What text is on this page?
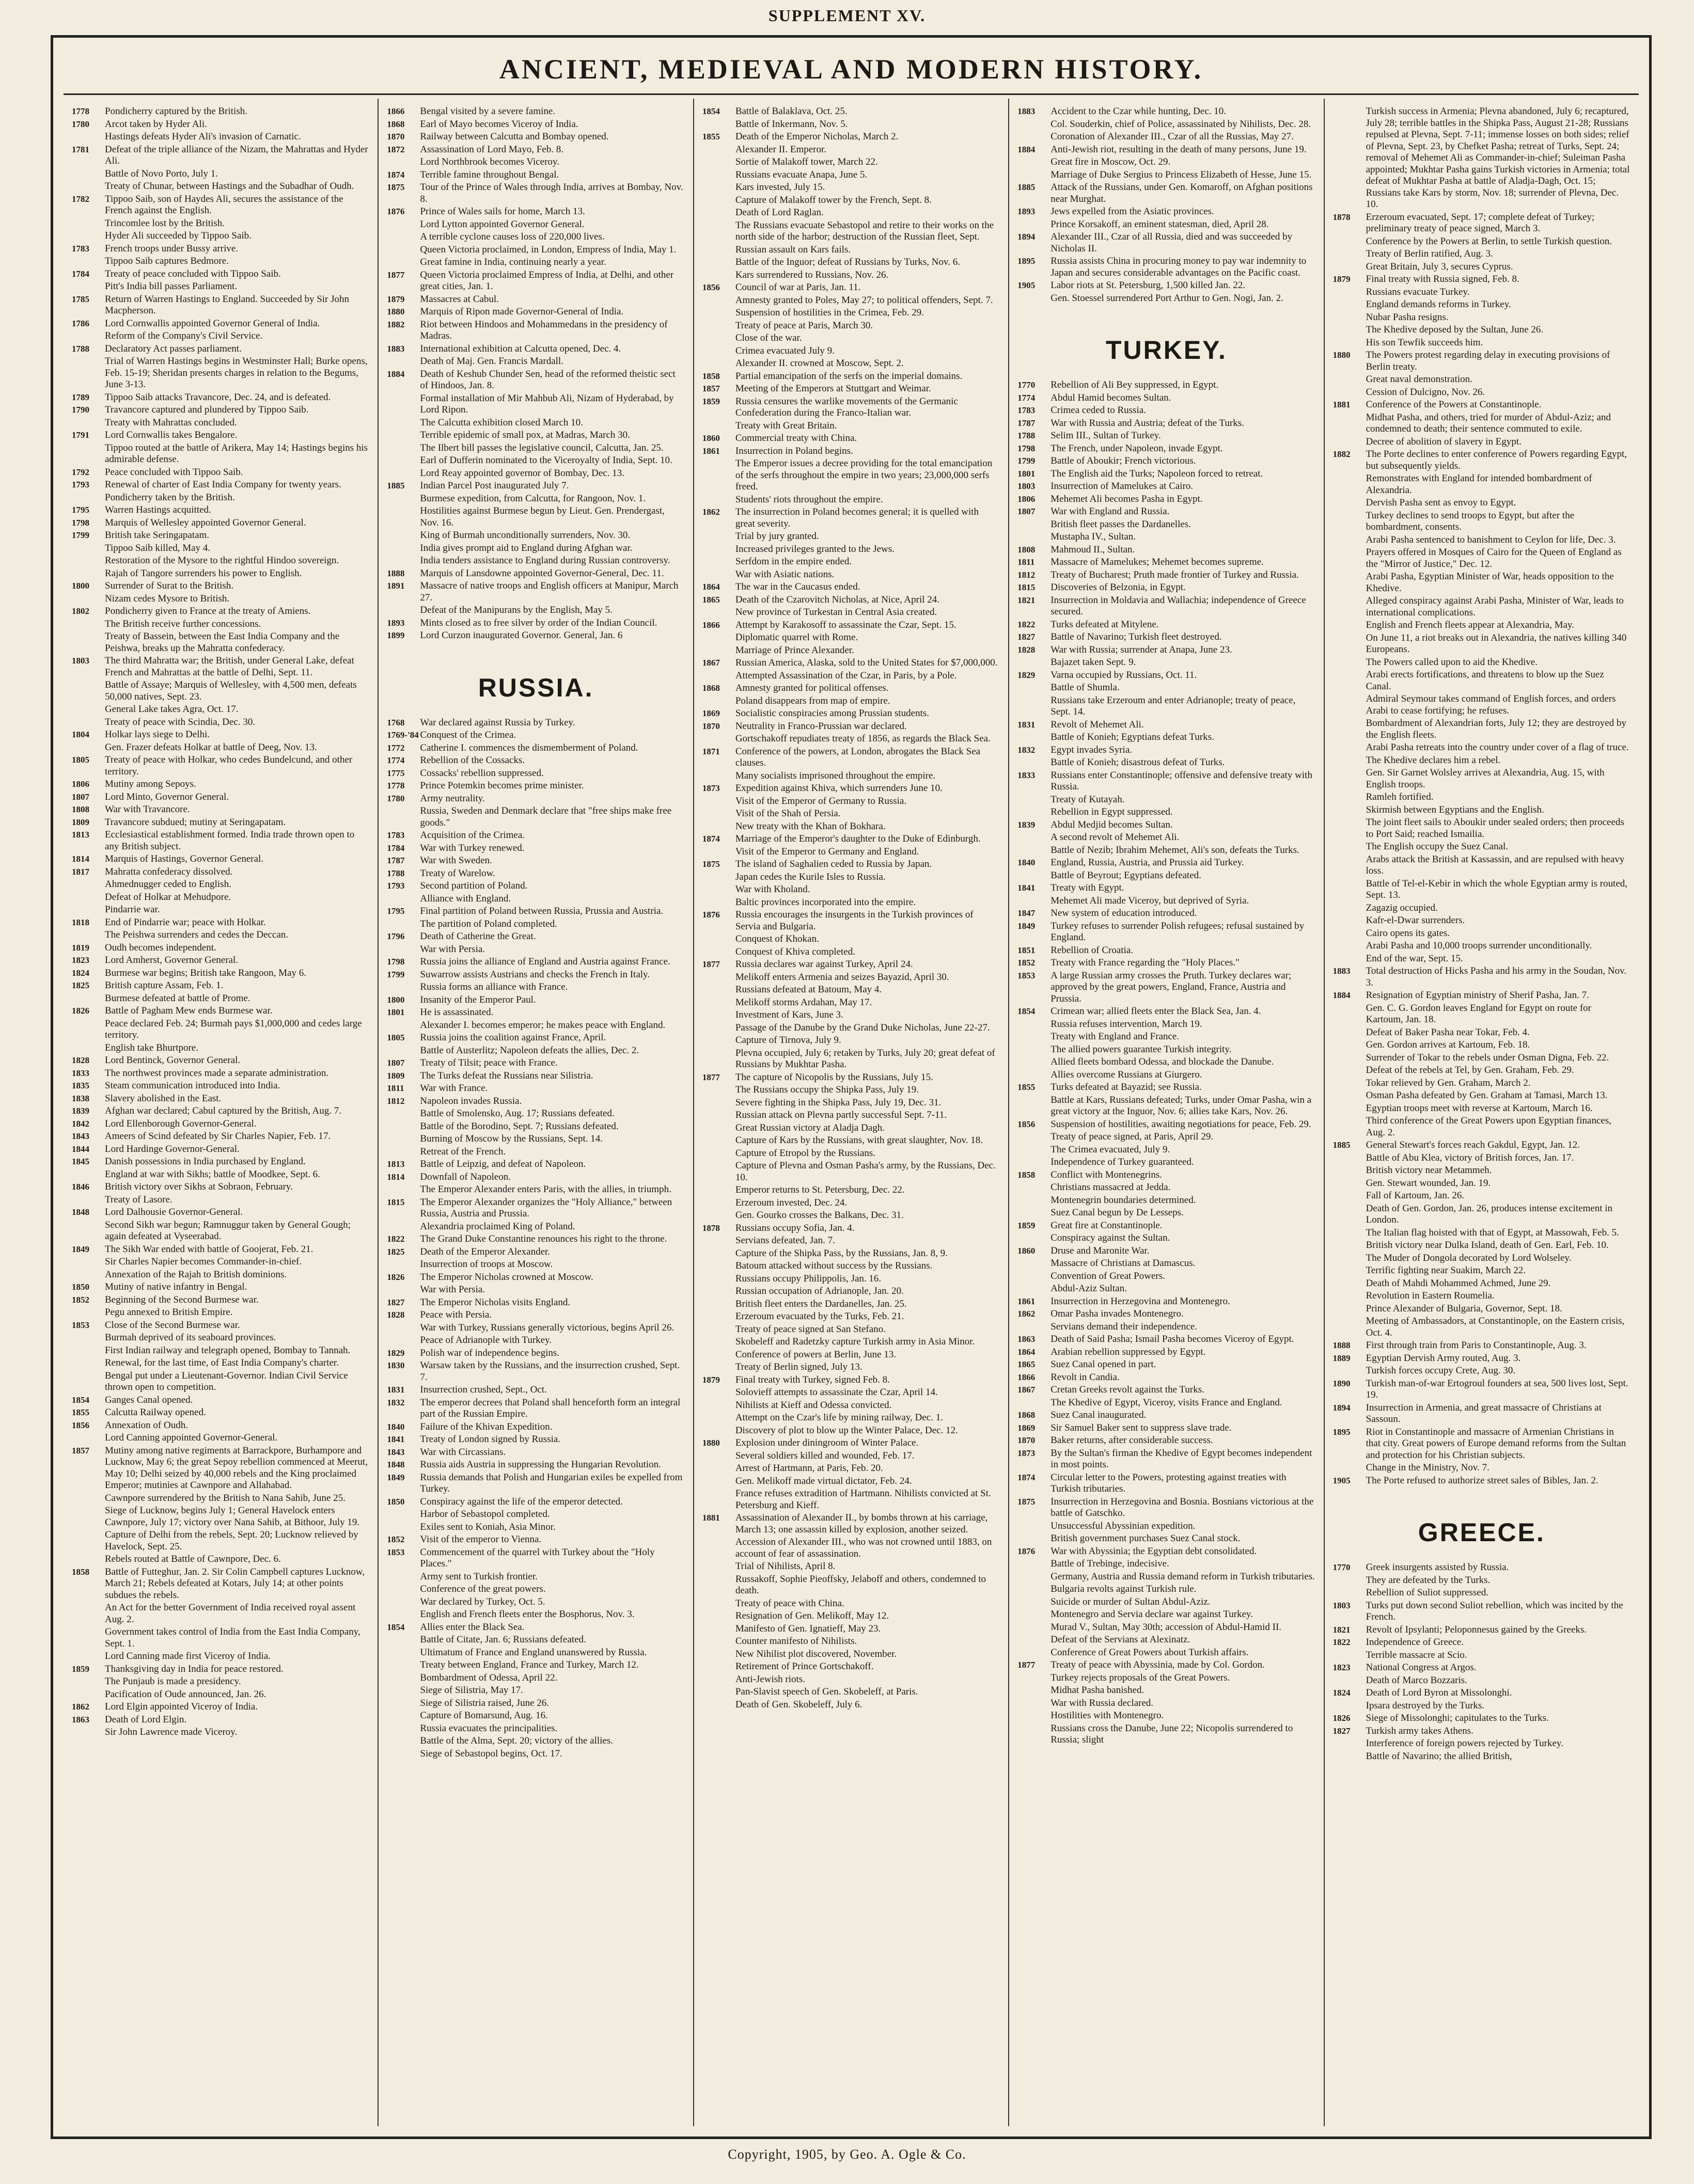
SUPPLEMENT XV.
ANCIENT, MEDIEVAL AND MODERN HISTORY.
1778	Pondicherry captured by the British.
1780	Arcot taken by Hyder Ali.
Hastings defeats Hyder Ali's invasion of Carnatic.
1781	Defeat of the triple alliance of the Nizam, the Mahrattas and Hyder Ali.
Battle of Novo Porto, July 1.
Treaty of Chunar, between Hastings and the Subadhar of Oudh.
1782	Tippoo Saib, son of Haydes Ali, secures the assistance of the French against the English.
Trincomlee lost by the British.
Hyder Ali succeeded by Tippoo Saib.
1783	French troops under Bussy arrive.
Tippoo Saib captures Bedmore.
1784	Treaty of peace concluded with Tippoo Saib.
Pitt's India bill passes Parliament.
1785	Return of Warren Hastings to England. Succeeded by Sir John Macpherson.
1786	Lord Cornwallis appointed Governor General of India.
Reform of the Company's Civil Service.
1788	Declaratory Act passes parliament.
Trial of Warren Hastings begins in Westminster Hall; Burke opens, Feb. 15-19; Sheridan presents charges in relation to the Begums, June 3-13.
1789	Tippoo Saib attacks Travancore, Dec. 24, and is defeated.
1790	Travancore captured and plundered by Tippoo Saib.
Treaty with Mahrattas concluded.
1791	Lord Cornwallis takes Bengalore.
Tippoo routed at the battle of Arikera, May 14; Hastings begins his admirable defense.
1792	Peace concluded with Tippoo Saib.
1793	Renewal of charter of East India Company for twenty years.
Pondicherry taken by the British.
1795	Warren Hastings acquitted.
1798	Marquis of Wellesley appointed Governor General.
1799	British take Seringapatam.
Tippoo Saib killed, May 4.
Restoration of the Mysore to the rightful Hindoo sovereign.
Rajah of Tangore surrenders his power to English.
1800	Surrender of Surat to the British.
Nizam cedes Mysore to British.
1802	Pondicherry given to France at the treaty of Amiens.
The British receive further concessions.
Treaty of Bassein, between the East India Company and the Peishwa, breaks up the Mahratta confederacy.
1803	The third Mahratta war; the British, under General Lake, defeat French and Mahrattas at the battle of Delhi, Sept. 11.
Battle of Assaye; Marquis of Wellesley, with 4,500 men, defeats 50,000 natives, Sept. 23.
General Lake takes Agra, Oct. 17.
Treaty of peace with Scindia, Dec. 30.
1804	Holkar lays siege to Delhi.
Gen. Frazer defeats Holkar at battle of Deeg, Nov. 13.
1805	Treaty of peace with Holkar, who cedes Bundelcund, and other territory.
1806	Mutiny among Sepoys.
1807	Lord Minto, Governor General.
1808	War with Travancore.
1809	Travancore subdued; mutiny at Seringapatam.
1813	Ecclesiastical establishment formed. India trade thrown open to any British subject.
1814	Marquis of Hastings, Governor General.
1817	Mahratta confederacy dissolved.
Ahmednugger ceded to English.
Defeat of Holkar at Mehudpore.
Pindarrie war.
1818	End of Pindarrie war; peace with Holkar.
The Peishwa surrenders and cedes the Deccan.
1819	Oudh becomes independent.
1823	Lord Amherst, Governor General.
1824	Burmese war begins; British take Rangoon, May 6.
1825	British capture Assam, Feb. 1.
Burmese defeated at battle of Prome.
1826	Battle of Pagham Mew ends Burmese war.
Peace declared Feb. 24; Burmah pays $1,000,000 and cedes large territory.
English take Bhurtpore.
1828	Lord Bentinck, Governor General.
1833	The northwest provinces made a separate administration.
1835	Steam communication introduced into India.
1838	Slavery abolished in the East.
1839	Afghan war declared; Cabul captured by the British, Aug. 7.
1842	Lord Ellenborough Governor-General.
1843	Ameers of Scind defeated by Sir Charles Napier, Feb. 17.
1844	Lord Hardinge Governor-General.
1845	Danish possessions in India purchased by England.
England at war with Sikhs; battle of Moodkee, Sept. 6.
1846	British victory over Sikhs at Sobraon, February.
Treaty of Lasore.
1848	Lord Dalhousie Governor-General.
Second Sikh war begun; Ramnuggur taken by General Gough; again defeated at Vyseerabad.
1849	The Sikh War ended with battle of Goojerat, Feb. 21.
Sir Charles Napier becomes Commander-in-chief.
Annexation of the Rajah to British dominions.
1850	Mutiny of native infantry in Bengal.
1852	Beginning of the Second Burmese war.
Pegu annexed to British Empire.
1853	Close of the Second Burmese war.
Burmah deprived of its seaboard provinces.
First Indian railway and telegraph opened, Bombay to Tannah.
Renewal, for the last time, of East India Company's charter.
Bengal put under a Lieutenant-Governor. Indian Civil Service thrown open to competition.
1854	Ganges Canal opened.
1855	Calcutta Railway opened.
1856	Annexation of Oudh.
Lord Canning appointed Governor-General.
1857	Mutiny among native regiments at Barrackpore, Burhampore and Lucknow, May 6; the great Sepoy rebellion commenced at Meerut, May 10; Delhi seized by 40,000 rebels and the King proclaimed Emperor; mutinies at Cawnpore and Allahabad.
Cawnpore surrendered by the British to Nana Sahib, June 25.
Siege of Lucknow, begins July 1; General Havelock enters Cawnpore, July 17; victory over Nana Sahib, at Bithoor, July 19.
Capture of Delhi from the rebels, Sept. 20; Lucknow relieved by Havelock, Sept. 25.
Rebels routed at Battle of Cawnpore, Dec. 6.
1858	Battle of Futteghur, Jan. 2. Sir Colin Campbell captures Lucknow, March 21; Rebels defeated at Kotars, July 14; at other points subdues the rebels.
An Act for the better Government of India received royal assent Aug. 2.
Government takes control of India from the East India Company, Sept. 1.
Lord Canning made first Viceroy of India.
1859	Thanksgiving day in India for peace restored.
The Punjaub is made a presidency.
Pacification of Oude announced, Jan. 26.
1862	Lord Elgin appointed Viceroy of India.
1863	Death of Lord Elgin.
Sir John Lawrence made Viceroy.
1866	Bengal visited by a severe famine.
1868	Earl of Mayo becomes Viceroy of India.
1870	Railway between Calcutta and Bombay opened.
1872	Assassination of Lord Mayo, Feb. 8.
Lord Northbrook becomes Viceroy.
1874	Terrible famine throughout Bengal.
1875	Tour of the Prince of Wales through India, arrives at Bombay, Nov. 8.
1876	Prince of Wales sails for home, March 13.
Lord Lytton appointed Governor General.
A terrible cyclone causes loss of 220,000 lives.
Queen Victoria proclaimed, in London, Empress of India, May 1.
Great famine in India, continuing nearly a year.
1877	Queen Victoria proclaimed Empress of India, at Delhi, and other great cities, Jan. 1.
1879	Massacres at Cabul.
1880	Marquis of Ripon made Governor-General of India.
1882	Riot between Hindoos and Mohammedans in the presidency of Madras.
1883	International exhibition at Calcutta opened, Dec. 4.
Death of Maj. Gen. Francis Mardall.
1884	Death of Keshub Chunder Sen, head of the reformed theistic sect of Hindoos, Jan. 8.
Formal installation of Mir Mahbub Ali, Nizam of Hyderabad, by Lord Ripon.
The Calcutta exhibition closed March 10.
Terrible epidemic of small pox, at Madras, March 30.
The Ilbert bill passes the legislative council, Calcutta, Jan. 25.
Earl of Dufferin nominated to the Viceroyalty of India, Sept. 10.
Lord Reay appointed governor of Bombay, Dec. 13.
1885	Indian Parcel Post inaugurated July 7.
Burmese expedition, from Calcutta, for Rangoon, Nov. 1.
Hostilities against Burmese begun by Lieut. Gen. Prendergast, Nov. 16.
King of Burmah unconditionally surrenders, Nov. 30.
India gives prompt aid to England during Afghan war.
India tenders assistance to England during Russian controversy.
1888	Marquis of Lansdowne appointed Governor-General, Dec. 11.
1891	Massacre of native troops and English officers at Manipur, March 27.
Defeat of the Manipurans by the English, May 5.
1893	Mints closed as to free silver by order of the Indian Council.
1899	Lord Curzon inaugurated Governor. General, Jan. 6
RUSSIA.
1768	War declared against Russia by Turkey.
1769-'84 Conquest of the Crimea.
1772	Catherine I. commences the dismemberment of Poland.
1774	Rebellion of the Cossacks.
1775	Cossacks' rebellion suppressed.
1778	Prince Potemkin becomes prime minister.
1780	Army neutrality.
Russia, Sweden and Denmark declare that "free ships make free goods."
1783	Acquisition of the Crimea.
1784	War with Turkey renewed.
1787	War with Sweden.
1788	Treaty of Warelow.
1793	Second partition of Poland.
Alliance with England.
1795	Final partition of Poland between Russia, Prussia and Austria.
The partition of Poland completed.
1796	Death of Catherine the Great.
War with Persia.
1798	Russia joins the alliance of England and Austria against France.
1799	Suwarrow assists Austrians and checks the French in Italy.
Russia forms an alliance with France.
1800	Insanity of the Emperor Paul.
1801	He is assassinated.
Alexander I. becomes emperor; he makes peace with England.
1805	Russia joins the coalition against France, April.
Battle of Austerlitz; Napoleon defeats the allies, Dec. 2.
1807	Treaty of Tilsit; peace with France.
1809	The Turks defeat the Russians near Silistria.
1811	War with France.
1812	Napoleon invades Russia.
Battle of Smolensko, Aug. 17; Russians defeated.
Battle of the Borodino, Sept. 7; Russians defeated.
Burning of Moscow by the Russians, Sept. 14.
Retreat of the French.
1813	Battle of Leipzig, and defeat of Napoleon.
1814	Downfall of Napoleon.
The Emperor Alexander enters Paris, with the allies, in triumph.
1815	The Emperor Alexander organizes the "Holy Alliance," between Russia, Austria and Prussia.
Alexandria proclaimed King of Poland.
1822	The Grand Duke Constantine renounces his right to the throne.
1825	Death of the Emperor Alexander.
Insurrection of troops at Moscow.
1826	The Emperor Nicholas crowned at Moscow.
War with Persia.
1827	The Emperor Nicholas visits England.
1828	Peace with Persia.
War with Turkey, Russians generally victorious, begins April 26.
Peace of Adrianople with Turkey.
1829	Polish war of independence begins.
1830	Warsaw taken by the Russians, and the insurrection crushed, Sept. 7.
1831	Insurrection crushed, Sept., Oct.
1832	The emperor decrees that Poland shall henceforth form an integral part of the Russian Empire.
1840	Failure of the Khivan Expedition.
1841	Treaty of London signed by Russia.
1843	War with Circassians.
1848	Russia aids Austria in suppressing the Hungarian Revolution.
1849	Russia demands that Polish and Hungarian exiles be expelled from Turkey.
1850	Conspiracy against the life of the emperor detected.
Harbor of Sebastopol completed.
Exiles sent to Koniah, Asia Minor.
1852	Visit of the emperor to Vienna.
1853	Commencement of the quarrel with Turkey about the "Holy Places."
Army sent to Turkish frontier.
Conference of the great powers.
War declared by Turkey, Oct. 5.
English and French fleets enter the Bosphorus, Nov. 3.
1854	Allies enter the Black Sea.
Battle of Citate, Jan. 6; Russians defeated.
Ultimatum of France and England unanswered by Russia.
Treaty between England, France and Turkey, March 12.
Bombardment of Odessa, April 22.
Siege of Silistria, May 17.
Siege of Silistria raised, June 26.
Capture of Bomarsund, Aug. 16.
Russia evacuates the principalities.
Battle of the Alma, Sept. 20; victory of the allies.
Siege of Sebastopol begins, Oct. 17.
1854	Battle of Balaklava, Oct. 25.
Battle of Inkermann, Nov. 5.
1855	Death of the Emperor Nicholas, March 2.
Alexander II. Emperor.
Sortie of Malakoff tower, March 22.
Russians evacuate Anapa, June 5.
Kars invested, July 15.
Capture of Malakoff tower by the French, Sept. 8.
Death of Lord Raglan.
The Russians evacuate Sebastopol and retire to their works on the north side of the harbor; destruction of the Russian fleet, Sept.
Russian assault on Kars fails.
Battle of the Inguor; defeat of Russians by Turks, Nov. 6.
Kars surrendered to Russians, Nov. 26.
1856	Council of war at Paris, Jan. 11.
Amnesty granted to Poles, May 27; to political offenders, Sept. 7.
Suspension of hostilities in the Crimea, Feb. 29.
Treaty of peace at Paris, March 30.
Close of the war.
Crimea evacuated July 9.
Alexander II. crowned at Moscow, Sept. 2.
1858	Partial emancipation of the serfs on the imperial domains.
1857	Meeting of the Emperors at Stuttgart and Weimar.
1859	Russia censures the warlike movements of the Germanic Confederation during the Franco-Italian war.
Treaty with Great Britain.
1860	Commercial treaty with China.
1861	Insurrection in Poland begins.
The Emperor issues a decree providing for the total emancipation of the serfs throughout the empire in two years; 23,000,000 serfs freed.
Students' riots throughout the empire.
1862	The insurrection in Poland becomes general; it is quelled with great severity.
Trial by jury granted.
Increased privileges granted to the Jews.
Serfdom in the empire ended.
War with Asiatic nations.
1864	The war in the Caucasus ended.
1865	Death of the Czarovitch Nicholas, at Nice, April 24.
New province of Turkestan in Central Asia created.
1866	Attempt by Karakosoff to assassinate the Czar, Sept. 15.
Diplomatic quarrel with Rome.
Marriage of Prince Alexander.
1867	Russian America, Alaska, sold to the United States for $7,000,000.
Attempted Assassination of the Czar, in Paris, by a Pole.
1868	Amnesty granted for political offenses.
Poland disappears from map of empire.
1869	Socialistic conspiracies among Prussian students.
1870	Neutrality in Franco-Prussian war declared.
Gortschakoff repudiates treaty of 1856, as regards the Black Sea.
1871	Conference of the powers, at London, abrogates the Black Sea clauses.
Many socialists imprisoned throughout the empire.
1873	Expedition against Khiva, which surrenders June 10.
Visit of the Emperor of Germany to Russia.
Visit of the Shah of Persia.
New treaty with the Khan of Bokhara.
1874	Marriage of the Emperor's daughter to the Duke of Edinburgh.
Visit of the Emperor to Germany and England.
1875	The island of Saghalien ceded to Russia by Japan.
Japan cedes the Kurile Isles to Russia.
War with Kholand.
Baltic provinces incorporated into the empire.
1876	Russia encourages the insurgents in the Turkish provinces of Servia and Bulgaria.
Conquest of Khokan.
Conquest of Khiva completed.
1877	Russia declares war against Turkey, April 24.
Melikoff enters Armenia and seizes Bayazid, April 30.
Russians defeated at Batoum, May 4.
Melikoff storms Ardahan, May 17.
Investment of Kars, June 3.
Passage of the Danube by the Grand Duke Nicholas, June 22-27.
Capture of Tirnova, July 9.
Plevna occupied, July 6; retaken by Turks, July 20; great defeat of Russians by Mukhtar Pasha.
1877	The capture of Nicopolis by the Russians, July 15.
The Russians occupy the Shipka Pass, July 19.
Severe fighting in the Shipka Pass, July 19, Dec. 31.
Russian attack on Plevna partly successful Sept. 7-11.
Great Russian victory at Aladja Dagh.
Capture of Kars by the Russians, with great slaughter, Nov. 18.
Capture of Etropol by the Russians.
Capture of Plevna and Osman Pasha's army, by the Russians, Dec. 10.
Emperor returns to St. Petersburg, Dec. 22.
Erzeroum invested, Dec. 24.
Gen. Gourko crosses the Balkans, Dec. 31.
1878	Russians occupy Sofia, Jan. 4.
Servians defeated, Jan. 7.
Capture of the Shipka Pass, by the Russians, Jan. 8, 9.
Batoum attacked without success by the Russians.
Russians occupy Philippolis, Jan. 16.
Russian occupation of Adrianople, Jan. 20.
British fleet enters the Dardanelles, Jan. 25.
Erzeroum evacuated by the Turks, Feb. 21.
Treaty of peace signed at San Stefano.
Skobeleff and Radetzky capture Turkish army in Asia Minor.
Conference of powers at Berlin, June 13.
Treaty of Berlin signed, July 13.
1879	Final treaty with Turkey, signed Feb. 8.
Solovieff attempts to assassinate the Czar, April 14.
Nihilists at Kieff and Odessa convicted.
Attempt on the Czar's life by mining railway, Dec. 1.
Discovery of plot to blow up the Winter Palace, Dec. 12.
1880	Explosion under diningroom of Winter Palace.
Several soldiers killed and wounded, Feb. 17.
Arrest of Hartmann, at Paris, Feb. 20.
Gen. Melikoff made virtual dictator, Feb. 24.
France refuses extradition of Hartmann. Nihilists convicted at St. Petersburg and Kieff.
1881	Assassination of Alexander II., by bombs thrown at his carriage, March 13; one assassin killed by explosion, another seized.
Accession of Alexander III., who was not crowned until 1883, on account of fear of assassination.
Trial of Nihilists, April 8.
Russakoff, Sophie Pieoffsky, Jelaboff and others, condemned to death.
Treaty of peace with China.
Resignation of Gen. Melikoff, May 12.
Manifesto of Gen. Ignatieff, May 23.
Counter manifesto of Nihilists.
New Nihilist plot discovered, November.
Retirement of Prince Gortschakoff.
Anti-Jewish riots.
Pan-Slavist speech of Gen. Skobeleff, at Paris.
Death of Gen. Skobeleff, July 6.
1883	Accident to the Czar while hunting, Dec. 10.
Col. Souderkin, chief of Police, assassinated by Nihilists, Dec. 28.
Coronation of Alexander III., Czar of all the Russias, May 27.
1884	Anti-Jewish riot, resulting in the death of many persons, June 19.
Great fire in Moscow, Oct. 29.
Marriage of Duke Sergius to Princess Elizabeth of Hesse, June 15.
1885	Attack of the Russians, under Gen. Komaroff, on Afghan positions near Murghat.
1893	Jews expelled from the Asiatic provinces.
Prince Korsakoff, an eminent statesman, died, April 28.
1894	Alexander III., Czar of all Russia, died and was succeeded by Nicholas II.
1895	Russia assists China in procuring money to pay war indemnity to Japan and secures considerable advantages on the Pacific coast.
1905	Labor riots at St. Petersburg, 1,500 killed Jan. 22.
Gen. Stoessel surrendered Port Arthur to Gen. Nogi, Jan. 2.
TURKEY.
1770	Rebellion of Ali Bey suppressed, in Egypt.
1774	Abdul Hamid becomes Sultan.
1783	Crimea ceded to Russia.
1787	War with Russia and Austria; defeat of the Turks.
1788	Selim III., Sultan of Turkey.
1798	The French, under Napoleon, invade Egypt.
1799	Battle of Aboukir; French victorious.
1801	The English aid the Turks; Napoleon forced to retreat.
1803	Insurrection of Mamelukes at Cairo.
1806	Mehemet Ali becomes Pasha in Egypt.
1807	War with England and Russia.
British fleet passes the Dardanelles.
Mustapha IV., Sultan.
1808	Mahmoud II., Sultan.
1811	Massacre of Mamelukes; Mehemet becomes supreme.
1812	Treaty of Bucharest; Pruth made frontier of Turkey and Russia.
1815	Discoveries of Belzonia, in Egypt.
1821	Insurrection in Moldavia and Wallachia; independence of Greece secured.
1822	Turks defeated at Mitylene.
1827	Battle of Navarino; Turkish fleet destroyed.
1828	War with Russia; surrender at Anapa, June 23.
Bajazet taken Sept. 9.
1829	Varna occupied by Russians, Oct. 11.
Battle of Shumla.
Russians take Erzeroum and enter Adrianople; treaty of peace, Sept. 14.
1831	Revolt of Mehemet Ali.
Battle of Konieh; Egyptians defeat Turks.
1832	Egypt invades Syria.
Battle of Konieh; disastrous defeat of Turks.
1833	Russians enter Constantinople; offensive and defensive treaty with Russia.
Treaty of Kutayah.
Rebellion in Egypt suppressed.
1839	Abdul Medjid becomes Sultan.
A second revolt of Mehemet Ali.
Battle of Nezib; Ibrahim Mehemet, Ali's son, defeats the Turks.
1840	England, Russia, Austria, and Prussia aid Turkey.
Battle of Beyrout; Egyptians defeated.
1841	Treaty with Egypt.
Mehemet Ali made Viceroy, but deprived of Syria.
1847	New system of education introduced.
1849	Turkey refuses to surrender Polish refugees; refusal sustained by England.
1851	Rebellion of Croatia.
1852	Treaty with France regarding the "Holy Places."
1853	A large Russian army crosses the Pruth. Turkey declares war; approved by the great powers, England, France, Austria and Prussia.
1854	Crimean war; allied fleets enter the Black Sea, Jan. 4.
Russia refuses intervention, March 19.
Treaty with England and France.
The allied powers guarantee Turkish integrity.
Allied fleets bombard Odessa, and blockade the Danube.
Allies overcome Russians at Giurgero.
1855	Turks defeated at Bayazid; see Russia.
Battle at Kars, Russians defeated; Turks, under Omar Pasha, win a great victory at the Inguor, Nov. 6; allies take Kars, Nov. 26.
1856	Suspension of hostilities, awaiting negotiations for peace, Feb. 29.
Treaty of peace signed, at Paris, April 29.
The Crimea evacuated, July 9.
Independence of Turkey guaranteed.
1858	Conflict with Montenegrins.
Christians massacred at Jedda.
Montenegrin boundaries determined.
Suez Canal begun by De Lesseps.
1859	Great fire at Constantinople.
Conspiracy against the Sultan.
1860	Druse and Maronite War.
Massacre of Christians at Damascus.
Convention of Great Powers.
Abdul-Aziz Sultan.
1861	Insurrection in Herzegovina and Montenegro.
1862	Omar Pasha invades Montenegro.
Servians demand their independence.
1863	Death of Said Pasha; Ismail Pasha becomes Viceroy of Egypt.
1864	Arabian rebellion suppressed by Egypt.
1865	Suez Canal opened in part.
1866	Revolt in Candia.
1867	Cretan Greeks revolt against the Turks.
The Khedive of Egypt, Viceroy, visits France and England.
1868	Suez Canal inaugurated.
1869	Sir Samuel Baker sent to suppress slave trade.
1870	Baker returns, after considerable success.
1873	By the Sultan's firman the Khedive of Egypt becomes independent in most points.
1874	Circular letter to the Powers, protesting against treaties with Turkish tributaries.
1875	Insurrection in Herzegovina and Bosnia. Bosnians victorious at the battle of Gatschko.
Unsuccessful Abyssinian expedition.
British government purchases Suez Canal stock.
1876	War with Abyssinia; the Egyptian debt consolidated.
Battle of Trebinge, indecisive.
Germany, Austria and Russia demand reform in Turkish tributaries.
Bulgaria revolts against Turkish rule.
Suicide or murder of Sultan Abdul-Aziz.
Montenegro and Servia declare war against Turkey.
Murad V., Sultan, May 30th; accession of Abdul-Hamid II.
Defeat of the Servians at Alexinatz.
Conference of Great Powers about Turkish affairs.
1877	Treaty of peace with Abyssinia, made by Col. Gordon.
Turkey rejects proposals of the Great Powers.
Midhat Pasha banished.
War with Russia declared.
Hostilities with Montenegro.
Russians cross the Danube, June 22; Nicopolis surrendered to Russia; slight
Turkish success in Armenia; Plevna abandoned, July 6; recaptured, July 28; terrible battles in the Shipka Pass, August 21-28; Russians repulsed at Plevna, Sept. 7-11; immense losses on both sides; relief of Plevna, Sept. 23, by Chefket Pasha; retreat of Turks, Sept. 24; removal of Mehemet Ali as Commander-in-chief; Suleiman Pasha appointed; Mukhtar Pasha gains Turkish victories in Armenia; total defeat of Mukhtar Pasha at battle of Aladja-Dagh, Oct. 15; Russians take Kars by storm, Nov. 18; surrender of Plevna, Dec. 10.
1878	Erzeroum evacuated, Sept. 17; complete defeat of Turkey; preliminary treaty of peace signed, March 3.
Conference by the Powers at Berlin, to settle Turkish question.
Treaty of Berlin ratified, Aug. 3.
Great Britain, July 3, secures Cyprus.
1879	Final treaty with Russia signed, Feb. 8.
Russians evacuate Turkey.
England demands reforms in Turkey.
Nubar Pasha resigns.
The Khedive deposed by the Sultan, June 26.
His son Tewfik succeeds him.
1880	The Powers protest regarding delay in executing provisions of Berlin treaty.
Great naval demonstration.
Cession of Dulcigno, Nov. 26.
1881	Conference of the Powers at Constantinople.
Midhat Pasha, and others, tried for murder of Abdul-Aziz; and condemned to death; their sentence commuted to exile.
Decree of abolition of slavery in Egypt.
1882	The Porte declines to enter conference of Powers regarding Egypt, but subsequently yields.
Remonstrates with England for intended bombardment of Alexandria.
Dervish Pasha sent as envoy to Egypt.
Turkey declines to send troops to Egypt, but after the bombardment, consents.
Arabi Pasha sentenced to banishment to Ceylon for life, Dec. 3.
Prayers offered in Mosques of Cairo for the Queen of England as the "Mirror of Justice," Dec. 12.
Arabi Pasha, Egyptian Minister of War, heads opposition to the Khedive.
Alleged conspiracy against Arabi Pasha, Minister of War, leads to international complications.
English and French fleets appear at Alexandria, May.
On June 11, a riot breaks out in Alexandria, the natives killing 340 Europeans.
The Powers called upon to aid the Khedive.
Arabi erects fortifications, and threatens to blow up the Suez Canal.
Admiral Seymour takes command of English forces, and orders Arabi to cease fortifying; he refuses.
Bombardment of Alexandrian forts, July 12; they are destroyed by the English fleets.
Arabi Pasha retreats into the country under cover of a flag of truce.
The Khedive declares him a rebel.
Gen. Sir Garnet Wolsley arrives at Alexandria, Aug. 15, with English troops.
Ramleh fortified.
Skirmish between Egyptians and the English.
The joint fleet sails to Aboukir under sealed orders; then proceeds to Port Said; reached Ismailia.
The English occupy the Suez Canal.
Arabs attack the British at Kassassin, and are repulsed with heavy loss.
Battle of Tel-el-Kebir in which the whole Egyptian army is routed, Sept. 13.
Zagazig occupied.
Kafr-el-Dwar surrenders.
Cairo opens its gates.
Arabi Pasha and 10,000 troops surrender unconditionally.
End of the war, Sept. 15.
1883	Total destruction of Hicks Pasha and his army in the Soudan, Nov. 3.
1884	Resignation of Egyptian ministry of Sherif Pasha, Jan. 7.
Gen. C. G. Gordon leaves England for Egypt on route for Kartoum, Jan. 18.
Defeat of Baker Pasha near Tokar, Feb. 4.
Gen. Gordon arrives at Kartoum, Feb. 18.
Surrender of Tokar to the rebels under Osman Digna, Feb. 22.
Defeat of the rebels at Tel, by Gen. Graham, Feb. 29.
Tokar relieved by Gen. Graham, March 2.
Osman Pasha defeated by Gen. Graham at Tamasi, March 13.
Egyptian troops meet with reverse at Kartoum, March 16.
Third conference of the Great Powers upon Egyptian finances, Aug. 2.
1885	General Stewart's forces reach Gakdul, Egypt, Jan. 12.
Battle of Abu Klea, victory of British forces, Jan. 17.
British victory near Metammeh.
Gen. Stewart wounded, Jan. 19.
Fall of Kartoum, Jan. 26.
Death of Gen. Gordon, Jan. 26, produces intense excitement in London.
The Italian flag hoisted with that of Egypt, at Massowah, Feb. 5.
British victory near Dulka Island, death of Gen. Earl, Feb. 10.
The Muder of Dongola decorated by Lord Wolseley.
Terrific fighting near Suakim, March 22.
Death of Mahdi Mohammed Achmed, June 29.
Revolution in Eastern Roumelia.
Prince Alexander of Bulgaria, Governor, Sept. 18.
Meeting of Ambassadors, at Constantinople, on the Eastern crisis, Oct. 4.
1888	First through train from Paris to Constantinople, Aug. 3.
1889	Egyptian Dervish Army routed, Aug. 3.
Turkish forces occupy Crete, Aug. 30.
1890	Turkish man-of-war Ertogroul founders at sea, 500 lives lost, Sept. 19.
1894	Insurrection in Armenia, and great massacre of Christians at Sassoun.
1895	Riot in Constantinople and massacre of Armenian Christians in that city. Great powers of Europe demand reforms from the Sultan and protection for his Christian subjects.
Change in the Ministry, Nov. 7.
1905	The Porte refused to authorize street sales of Bibles, Jan. 2.
GREECE.
1770	Greek insurgents assisted by Russia.
They are defeated by the Turks.
Rebellion of Suliot suppressed.
1803	Turks put down second Suliot rebellion, which was incited by the French.
1821	Revolt of Ipsylanti; Peloponnesus gained by the Greeks.
1822	Independence of Greece.
Terrible massacre at Scio.
1823	National Congress at Argos.
Death of Marco Bozzaris.
1824	Death of Lord Byron at Missolonghi.
Ipsara destroyed by the Turks.
1826	Siege of Missolonghi; capitulates to the Turks.
1827	Turkish army takes Athens.
Interference of foreign powers rejected by Turkey.
Battle of Navarino; the allied British,
Copyright, 1905, by Geo. A. Ogle & Co.
